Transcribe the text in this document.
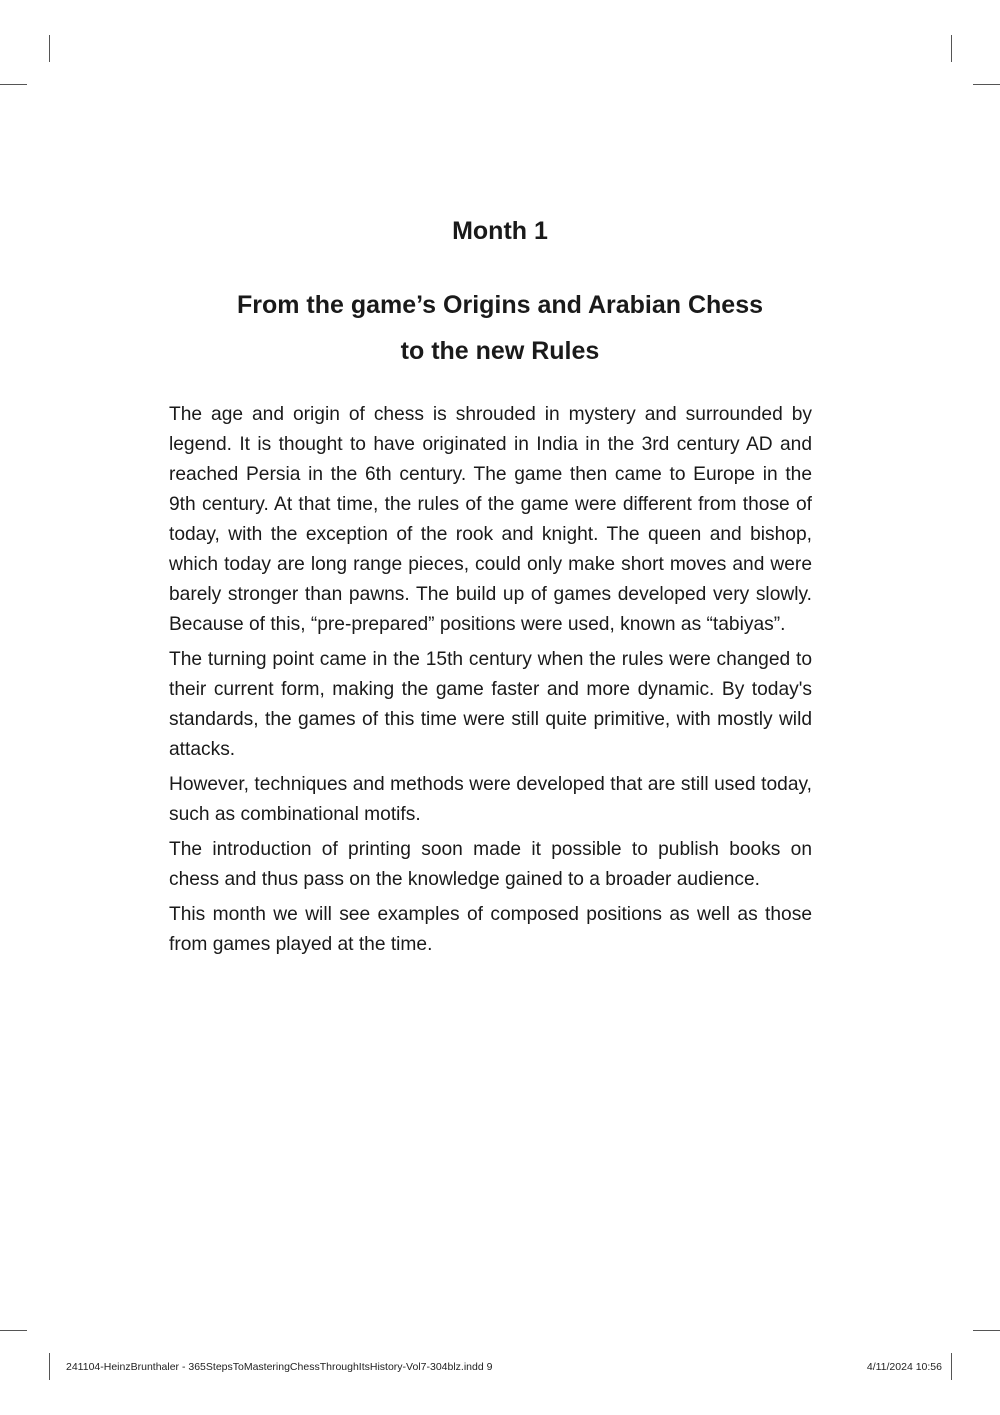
Month 1
From the game’s Origins and Arabian Chess
to the new Rules

The age and origin of chess is shrouded in mystery and surrounded by legend. It is thought to have originated in India in the 3rd century AD and reached Persia in the 6th century. The game then came to Europe in the 9th century. At that time, the rules of the game were different from those of today, with the exception of the rook and knight. The queen and bishop, which today are long range pieces, could only make short moves and were barely stronger than pawns. The build up of games developed very slowly. Because of this, “pre-prepared” positions were used, known as “tabiyas”.

The turning point came in the 15th century when the rules were changed to their current form, making the game faster and more dynamic. By today's standards, the games of this time were still quite primitive, with mostly wild attacks.

However, techniques and methods were developed that are still used today, such as combinational motifs.

The introduction of printing soon made it possible to publish books on chess and thus pass on the knowledge gained to a broader audience.

This month we will see examples of composed positions as well as those from games played at the time.

241104-HeinzBrunthaler - 365StepsToMasteringChessThroughItsHistory-Vol7-304blz.indd 9	4/11/2024 10:56
